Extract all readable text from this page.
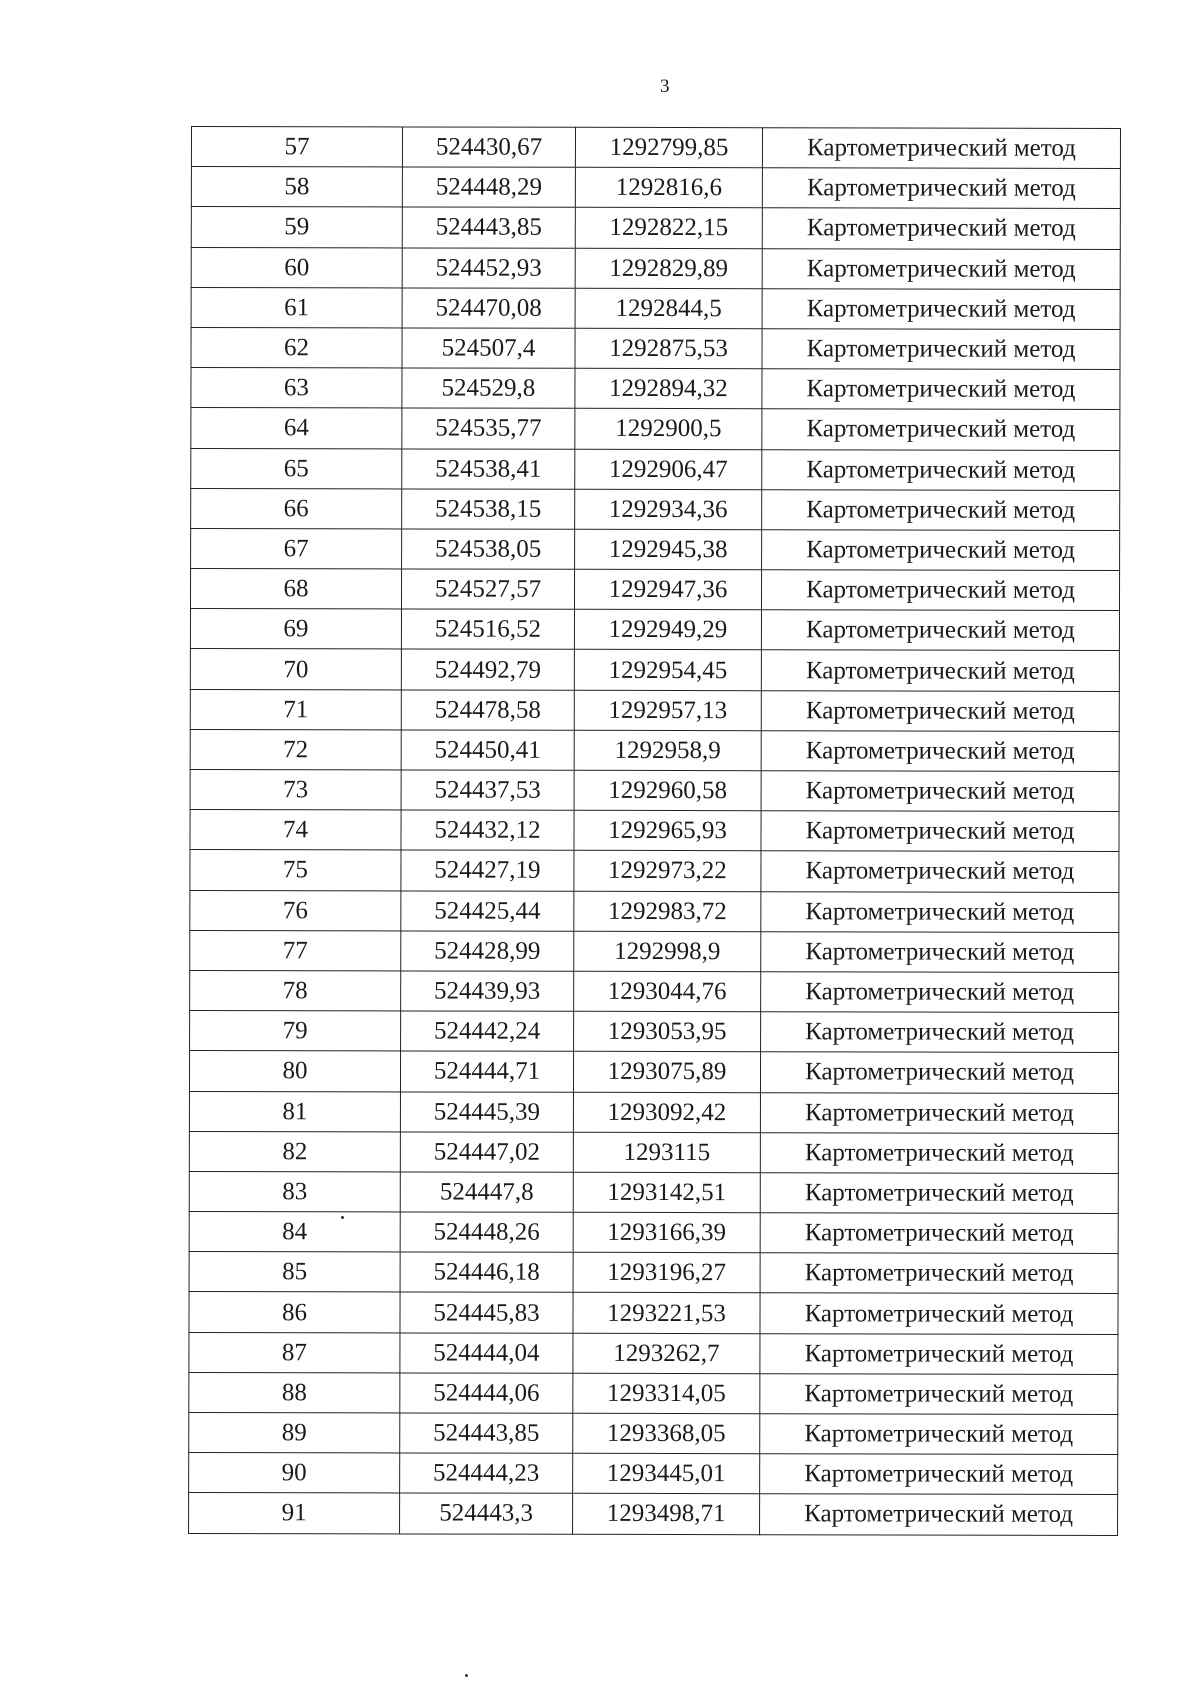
3
57	524430,67	1292799,85	Картометрический метод
58	524448,29	1292816,6	Картометрический метод
59	524443,85	1292822,15	Картометрический метод
60	524452,93	1292829,89	Картометрический метод
61	524470,08	1292844,5	Картометрический метод
62	524507,4	1292875,53	Картометрический метод
63	524529,8	1292894,32	Картометрический метод
64	524535,77	1292900,5	Картометрический метод
65	524538,41	1292906,47	Картометрический метод
66	524538,15	1292934,36	Картометрический метод
67	524538,05	1292945,38	Картометрический метод
68	524527,57	1292947,36	Картометрический метод
69	524516,52	1292949,29	Картометрический метод
70	524492,79	1292954,45	Картометрический метод
71	524478,58	1292957,13	Картометрический метод
72	524450,41	1292958,9	Картометрический метод
73	524437,53	1292960,58	Картометрический метод
74	524432,12	1292965,93	Картометрический метод
75	524427,19	1292973,22	Картометрический метод
76	524425,44	1292983,72	Картометрический метод
77	524428,99	1292998,9	Картометрический метод
78	524439,93	1293044,76	Картометрический метод
79	524442,24	1293053,95	Картометрический метод
80	524444,71	1293075,89	Картометрический метод
81	524445,39	1293092,42	Картометрический метод
82	524447,02	1293115	Картометрический метод
83	524447,8	1293142,51	Картометрический метод
84	524448,26	1293166,39	Картометрический метод
85	524446,18	1293196,27	Картометрический метод
86	524445,83	1293221,53	Картометрический метод
87	524444,04	1293262,7	Картометрический метод
88	524444,06	1293314,05	Картометрический метод
89	524443,85	1293368,05	Картометрический метод
90	524444,23	1293445,01	Картометрический метод
91	524443,3	1293498,71	Картометрический метод
